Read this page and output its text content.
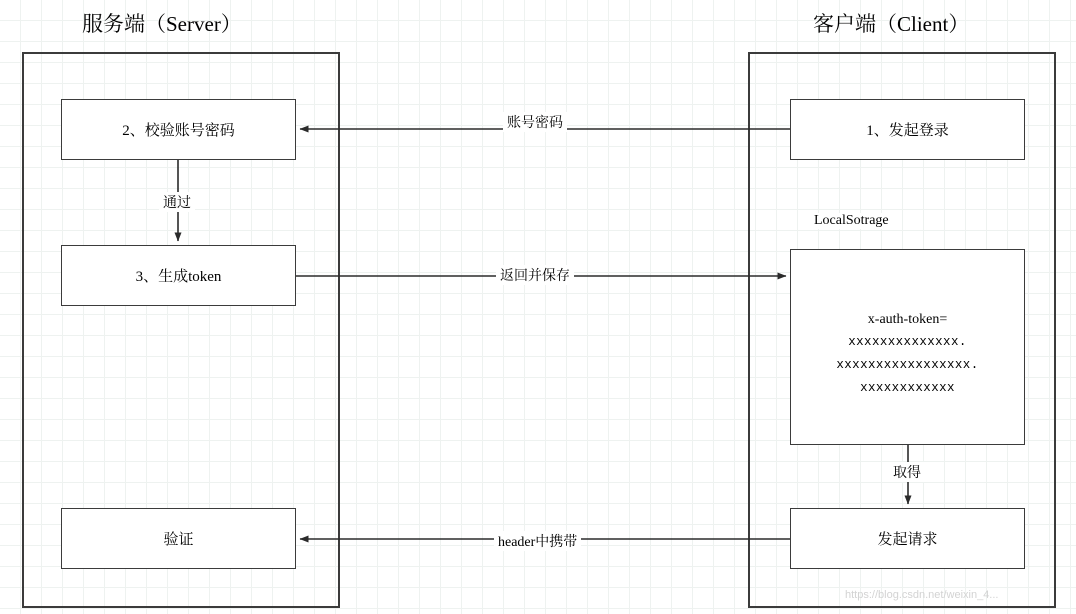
服务端（Server）	客户端（Client）
2、校验账号密码
3、生成token
验证
1、发起登录
LocalSotrage
x-auth-token=
xxxxxxxxxxxxxx.
xxxxxxxxxxxxxxxxx.
xxxxxxxxxxxx
发起请求
账号密码
通过
返回并保存
取得
header中携带
https://blog.csdn.net/weixin_4...
